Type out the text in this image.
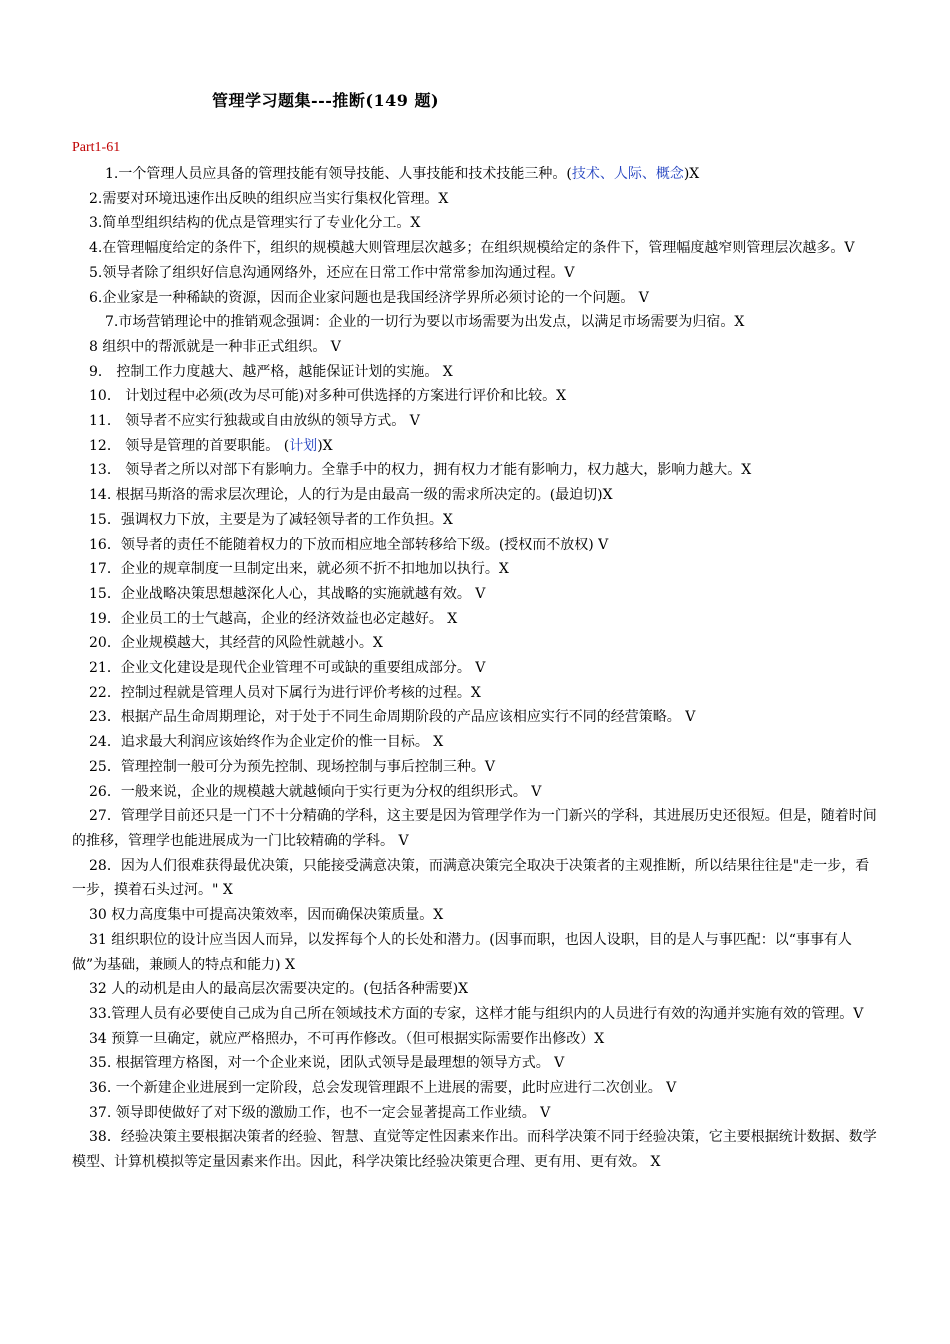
管理学习题集---推断(149 题)
Part1-61

1.一个管理人员应具备的管理技能有领导技能、人事技能和技术技能三种。(技术、人际、概念)X

2.需要对环境迅速作出反映的组织应当实行集权化管理。X

3.简单型组织结构的优点是管理实行了专业化分工。X

4.在管理幅度给定的条件下，组织的规模越大则管理层次越多；在组织规模给定的条件下，管理幅度越窄则管理层次越多。V

5.领导者除了组织好信息沟通网络外，还应在日常工作中常常参加沟通过程。V

6.企业家是一种稀缺的资源，因而企业家问题也是我国经济学界所必须讨论的一个问题。 V

7.市场营销理论中的推销观念强调：企业的一切行为要以市场需要为出发点，以满足市场需要为归宿。X

8 组织中的帮派就是一种非正式组织。 V

9． 控制工作力度越大、越严格，越能保证计划的实施。 X

10． 计划过程中必须(改为尽可能)对多种可供选择的方案进行评价和比较。X

11． 领导者不应实行独裁或自由放纵的领导方式。 V

12． 领导是管理的首要职能。 (计划)X

13． 领导者之所以对部下有影响力。全靠手中的权力，拥有权力才能有影响力，权力越大，影响力越大。X

14. 根据马斯洛的需求层次理论，人的行为是由最高一级的需求所决定的。(最迫切)X

15．强调权力下放，主要是为了减轻领导者的工作负担。X

16．领导者的责任不能随着权力的下放而相应地全部转移给下级。(授权而不放权) V

17．企业的规章制度一旦制定出来，就必须不折不扣地加以执行。X

15．企业战略决策思想越深化人心，其战略的实施就越有效。 V

19．企业员工的士气越高，企业的经济效益也必定越好。 X

20．企业规模越大，其经营的风险性就越小。X

21．企业文化建设是现代企业管理不可或缺的重要组成部分。 V

22．控制过程就是管理人员对下属行为进行评价考核的过程。X

23．根据产品生命周期理论，对于处于不同生命周期阶段的产品应该相应实行不同的经营策略。 V

24．追求最大利润应该始终作为企业定价的惟一目标。 X

25．管理控制一般可分为预先控制、现场控制与事后控制三种。V

26．一般来说，企业的规模越大就越倾向于实行更为分权的组织形式。 V

27．管理学目前还只是一门不十分精确的学科，这主要是因为管理学作为一门新兴的学科，其进展历史还很短。但是，随着时间的推移，管理学也能进展成为一门比较精确的学科。 V

28．因为人们很难获得最优决策，只能接受满意决策，而满意决策完全取决于决策者的主观推断，所以结果往往是"走一步，看一步，摸着石头过河。" X

30 权力高度集中可提高决策效率，因而确保决策质量。X

31 组织职位的设计应当因人而异，以发挥每个人的长处和潜力。(因事而职，也因人设职，目的是人与事匹配：以“事事有人做”为基础，兼顾人的特点和能力) X

32 人的动机是由人的最高层次需要决定的。(包括各种需要)X

33.管理人员有必要使自己成为自己所在领域技术方面的专家，这样才能与组织内的人员进行有效的沟通并实施有效的管理。V

34 预算一旦确定，就应严格照办，不可再作修改。（但可根据实际需要作出修改）X

35. 根据管理方格图，对一个企业来说，团队式领导是最理想的领导方式。 V

36. 一个新建企业进展到一定阶段，总会发现管理跟不上进展的需要，此时应进行二次创业。 V

37. 领导即使做好了对下级的激励工作，也不一定会显著提高工作业绩。 V

38．经验决策主要根据决策者的经验、智慧、直觉等定性因素来作出。而科学决策不同于经验决策，它主要根据统计数据、数学模型、计算机模拟等定量因素来作出。因此，科学决策比经验决策更合理、更有用、更有效。 X
